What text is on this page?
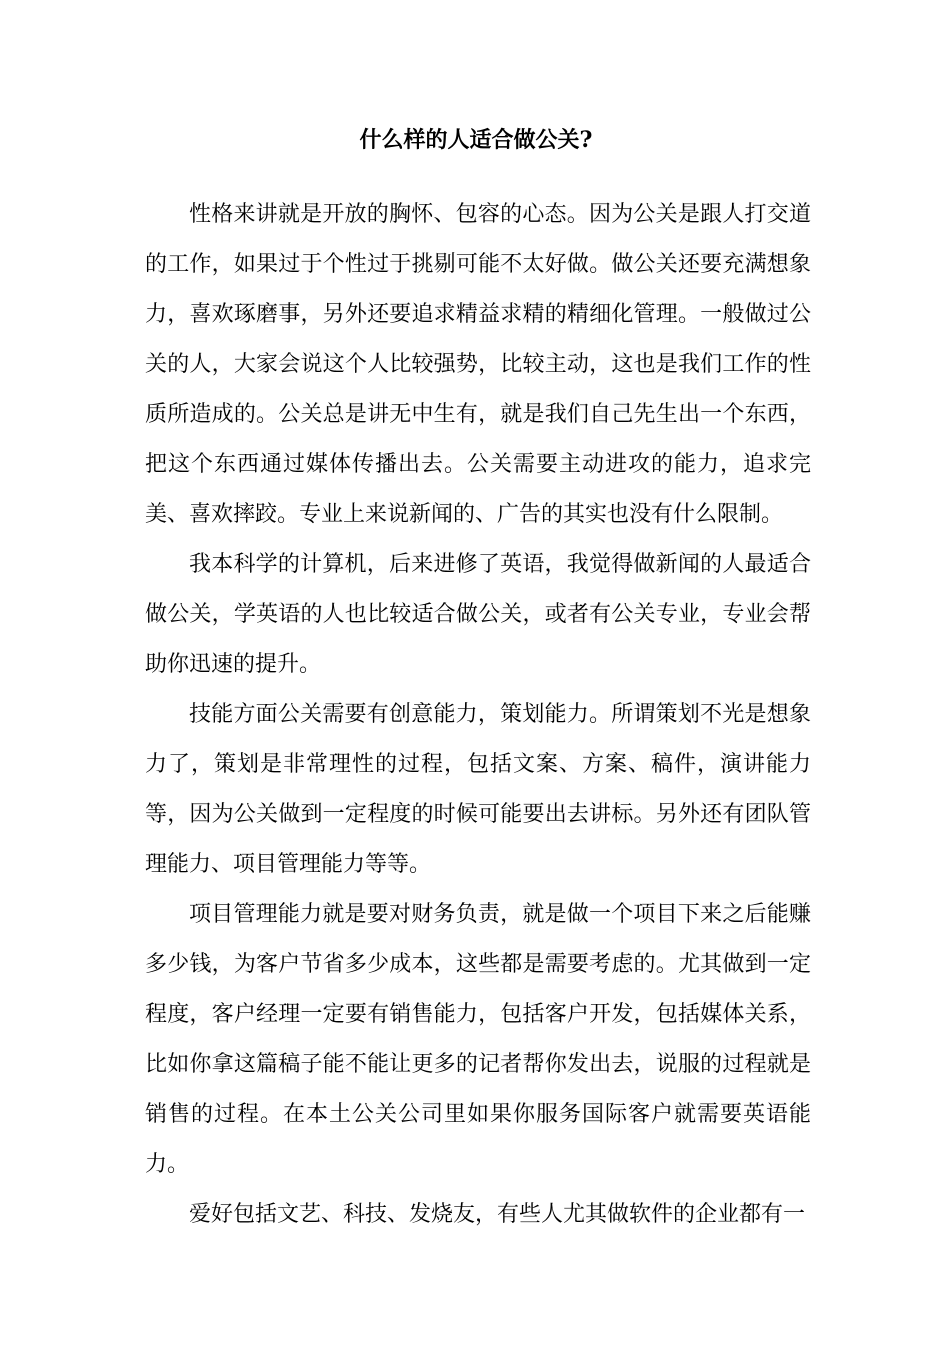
什么样的人适合做公关?

性格来讲就是开放的胸怀、包容的心态。因为公关是跟人打交道的工作，如果过于个性过于挑剔可能不太好做。做公关还要充满想象力，喜欢琢磨事，另外还要追求精益求精的精细化管理。一般做过公关的人，大家会说这个人比较强势，比较主动，这也是我们工作的性质所造成的。公关总是讲无中生有，就是我们自己先生出一个东西，把这个东西通过媒体传播出去。公关需要主动进攻的能力，追求完美、喜欢摔跤。专业上来说新闻的、广告的其实也没有什么限制。

我本科学的计算机，后来进修了英语，我觉得做新闻的人最适合做公关，学英语的人也比较适合做公关，或者有公关专业，专业会帮助你迅速的提升。

技能方面公关需要有创意能力，策划能力。所谓策划不光是想象力了，策划是非常理性的过程，包括文案、方案、稿件，演讲能力等，因为公关做到一定程度的时候可能要出去讲标。另外还有团队管理能力、项目管理能力等等。

项目管理能力就是要对财务负责，就是做一个项目下来之后能赚多少钱，为客户节省多少成本，这些都是需要考虑的。尤其做到一定程度，客户经理一定要有销售能力，包括客户开发，包括媒体关系，比如你拿这篇稿子能不能让更多的记者帮你发出去，说服的过程就是销售的过程。在本土公关公司里如果你服务国际客户就需要英语能力。

爱好包括文艺、科技、发烧友，有些人尤其做软件的企业都有一
